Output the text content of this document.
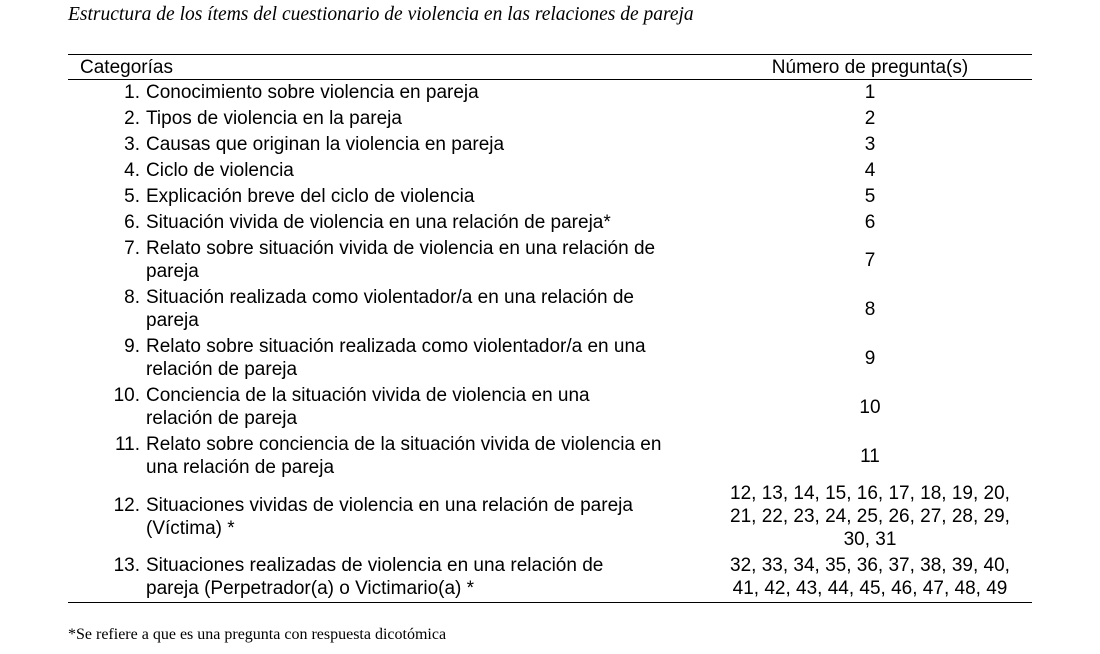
Estructura de los ítems del cuestionario de violencia en las relaciones de pareja
Categorías	Número de pregunta(s)

1. Conocimiento sobre violencia en pareja	1

2. Tipos de violencia en la pareja	2

3. Causas que originan la violencia en pareja	3

4. Ciclo de violencia	4

5. Explicación breve del ciclo de violencia	5

6. Situación vivida de violencia en una relación de pareja*	6

7. Relato sobre situación vivida de violencia en una relación de pareja	7

8. Situación realizada como violentador/a en una relación de pareja	8

9. Relato sobre situación realizada como violentador/a en una relación de pareja	9

10. Conciencia de la situación vivida de violencia en una relación de pareja	10

11. Relato sobre conciencia de la situación vivida de violencia en una relación de pareja	11

12. Situaciones vividas de violencia en una relación de pareja (Víctima) *	12, 13, 14, 15, 16, 17, 18, 19, 20, 21, 22, 23, 24, 25, 26, 27, 28, 29, 30, 31

13. Situaciones realizadas de violencia en una relación de pareja (Perpetrador(a) o Victimario(a) *	32, 33, 34, 35, 36, 37, 38, 39, 40, 41, 42, 43, 44, 45, 46, 47, 48, 49
*Se refiere a que es una pregunta con respuesta dicotómica
